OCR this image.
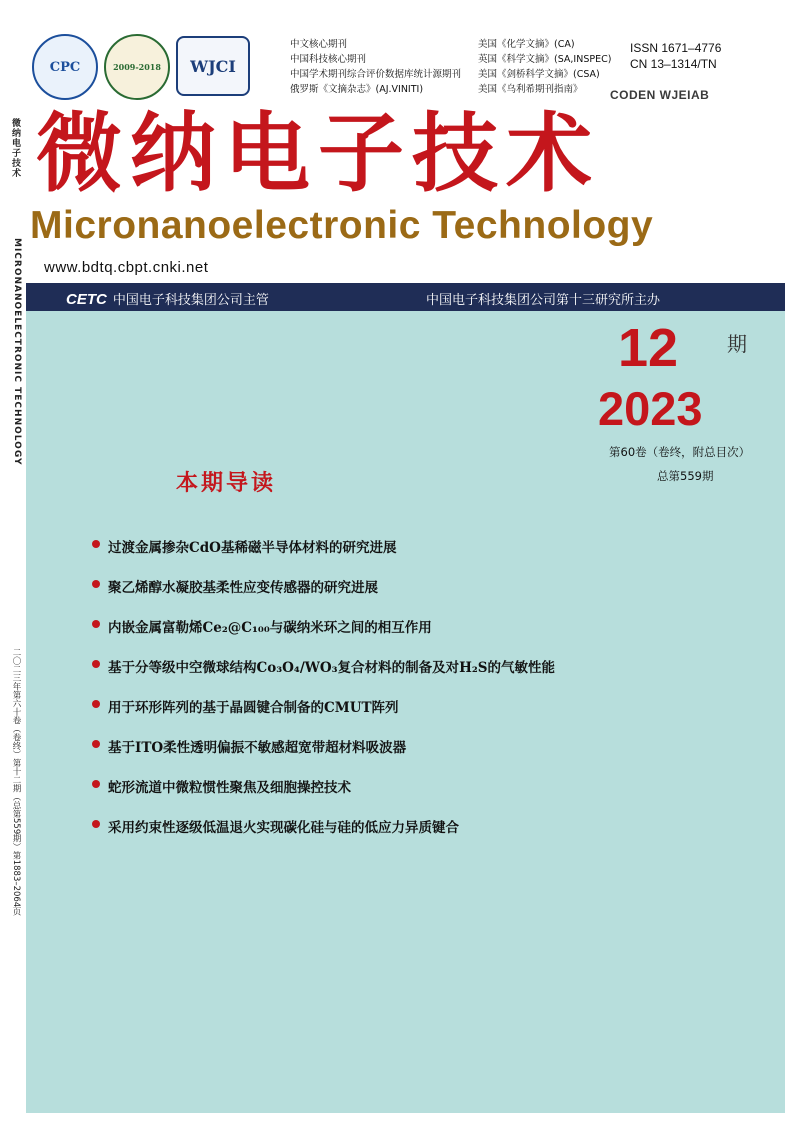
微纳电子技术
MICRONANOELECTRONIC TECHNOLOGY
二〇二三年第六十卷（卷终）第十二期（总第559期）第1883–2064页
CPC	2009-2018 WJCI
中文核心期刊
中国科技核心期刊
中国学术期刊综合评价数据库统计源期刊
俄罗斯《文摘杂志》(AJ.VINITI)
美国《化学文摘》(CA)
英国《科学文摘》(SA,INSPEC)
美国《剑桥科学文摘》(CSA)
美国《乌利希期刊指南》
ISSN 1671–4776
CN 13–1314/TN
CODEN WJEIAB
微纳电子技术
Micronanoelectronic Technology
www.bdtq.cbpt.cnki.net
CETC 中国电子科技集团公司主管	中国电子科技集团公司第十三研究所主办
12 期
2023
第60卷（卷终，附总目次）
总第559期
本期导读
过渡金属掺杂CdO基稀磁半导体材料的研究进展
聚乙烯醇水凝胶基柔性应变传感器的研究进展
内嵌金属富勒烯Ce₂@C₁₀₀与碳纳米环之间的相互作用
基于分等级中空微球结构Co₃O₄/WO₃复合材料的制备及对H₂S的气敏性能
用于环形阵列的基于晶圆键合制备的CMUT阵列
基于ITO柔性透明偏振不敏感超宽带超材料吸波器
蛇形流道中微粒惯性聚焦及细胞操控技术
采用约束性逐级低温退火实现碳化硅与硅的低应力异质键合
